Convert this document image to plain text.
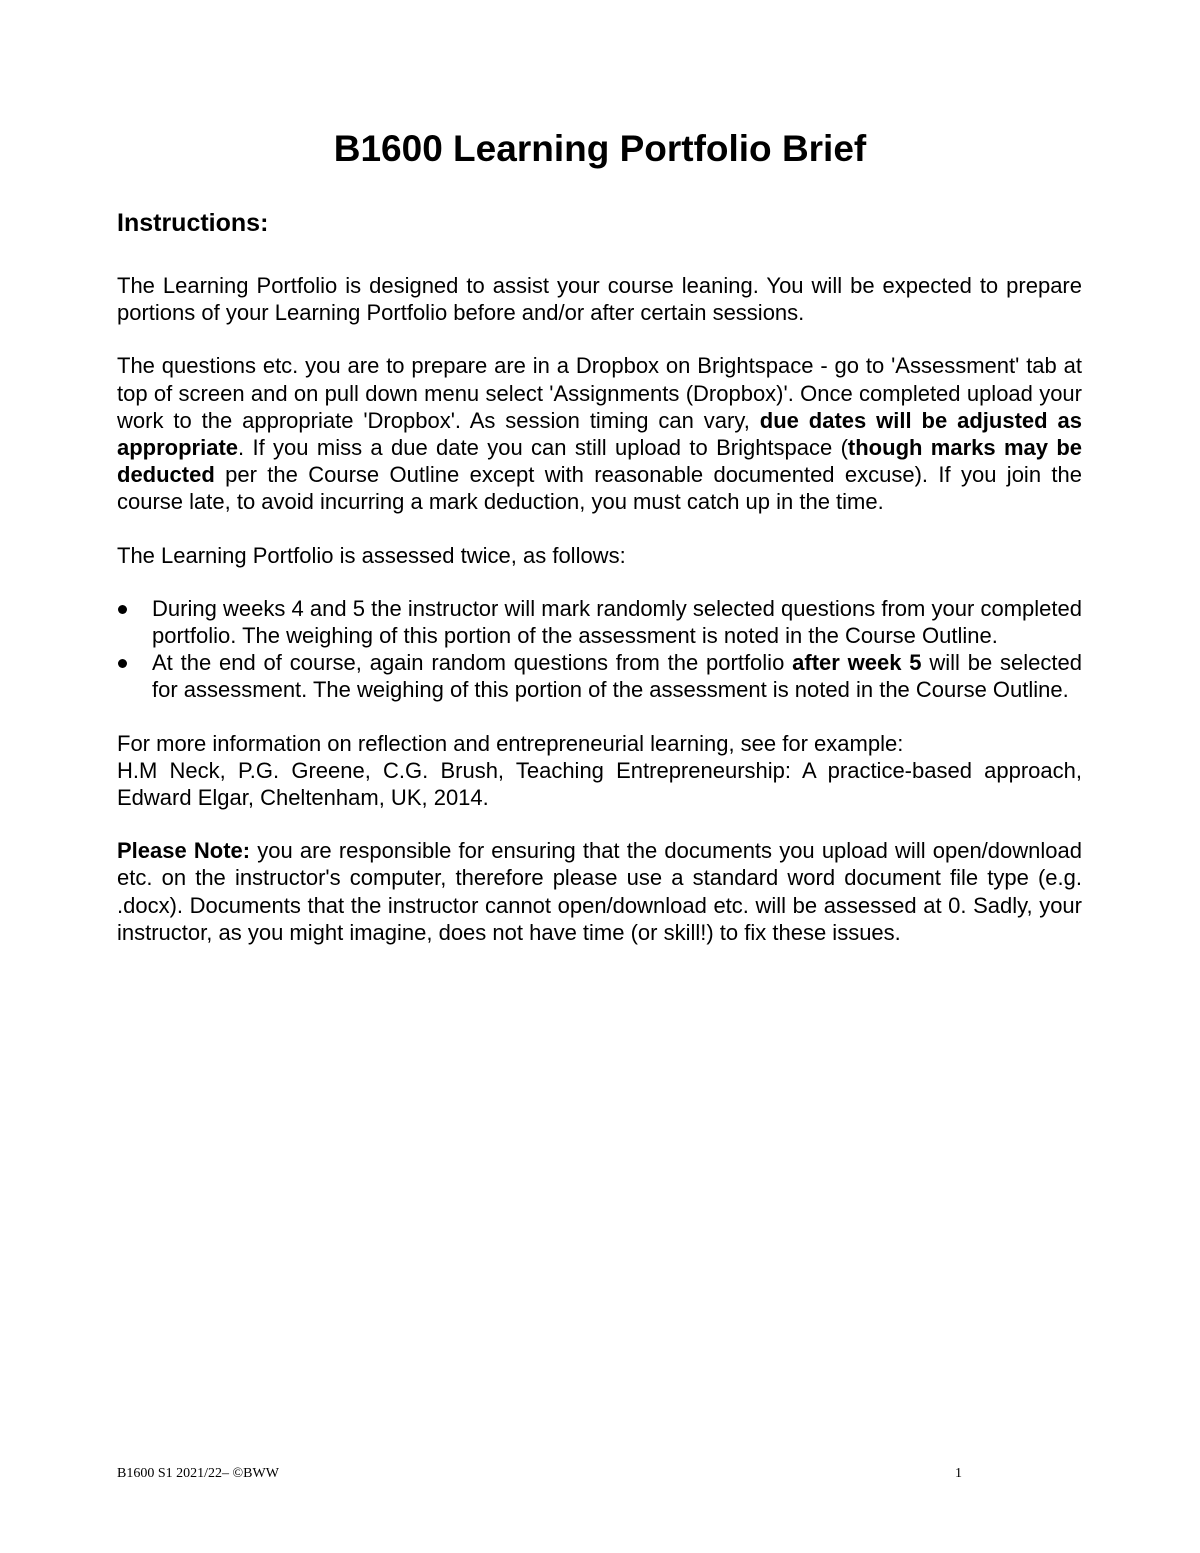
B1600 Learning Portfolio Brief
Instructions:

The Learning Portfolio is designed to assist your course leaning. You will be expected to prepare portions of your Learning Portfolio before and/or after certain sessions.

The questions etc. you are to prepare are in a Dropbox on Brightspace - go to 'Assessment' tab at top of screen and on pull down menu select 'Assignments (Dropbox)'. Once completed upload your work to the appropriate 'Dropbox'. As session timing can vary, due dates will be adjusted as appropriate. If you miss a due date you can still upload to Brightspace (though marks may be deducted per the Course Outline except with reasonable documented excuse). If you join the course late, to avoid incurring a mark deduction, you must catch up in the time.

The Learning Portfolio is assessed twice, as follows:

During weeks 4 and 5 the instructor will mark randomly selected questions from your completed portfolio. The weighing of this portion of the assessment is noted in the Course Outline.
At the end of course, again random questions from the portfolio after week 5 will be selected for assessment. The weighing of this portion of the assessment is noted in the Course Outline.

For more information on reflection and entrepreneurial learning, see for example:
H.M Neck, P.G. Greene, C.G. Brush, Teaching Entrepreneurship: A practice-based approach, Edward Elgar, Cheltenham, UK, 2014.

Please Note: you are responsible for ensuring that the documents you upload will open/download etc. on the instructor's computer, therefore please use a standard word document file type (e.g. .docx). Documents that the instructor cannot open/download etc. will be assessed at 0. Sadly, your instructor, as you might imagine, does not have time (or skill!) to fix these issues.

B1600 S1 2021/22– ©BWW	1
